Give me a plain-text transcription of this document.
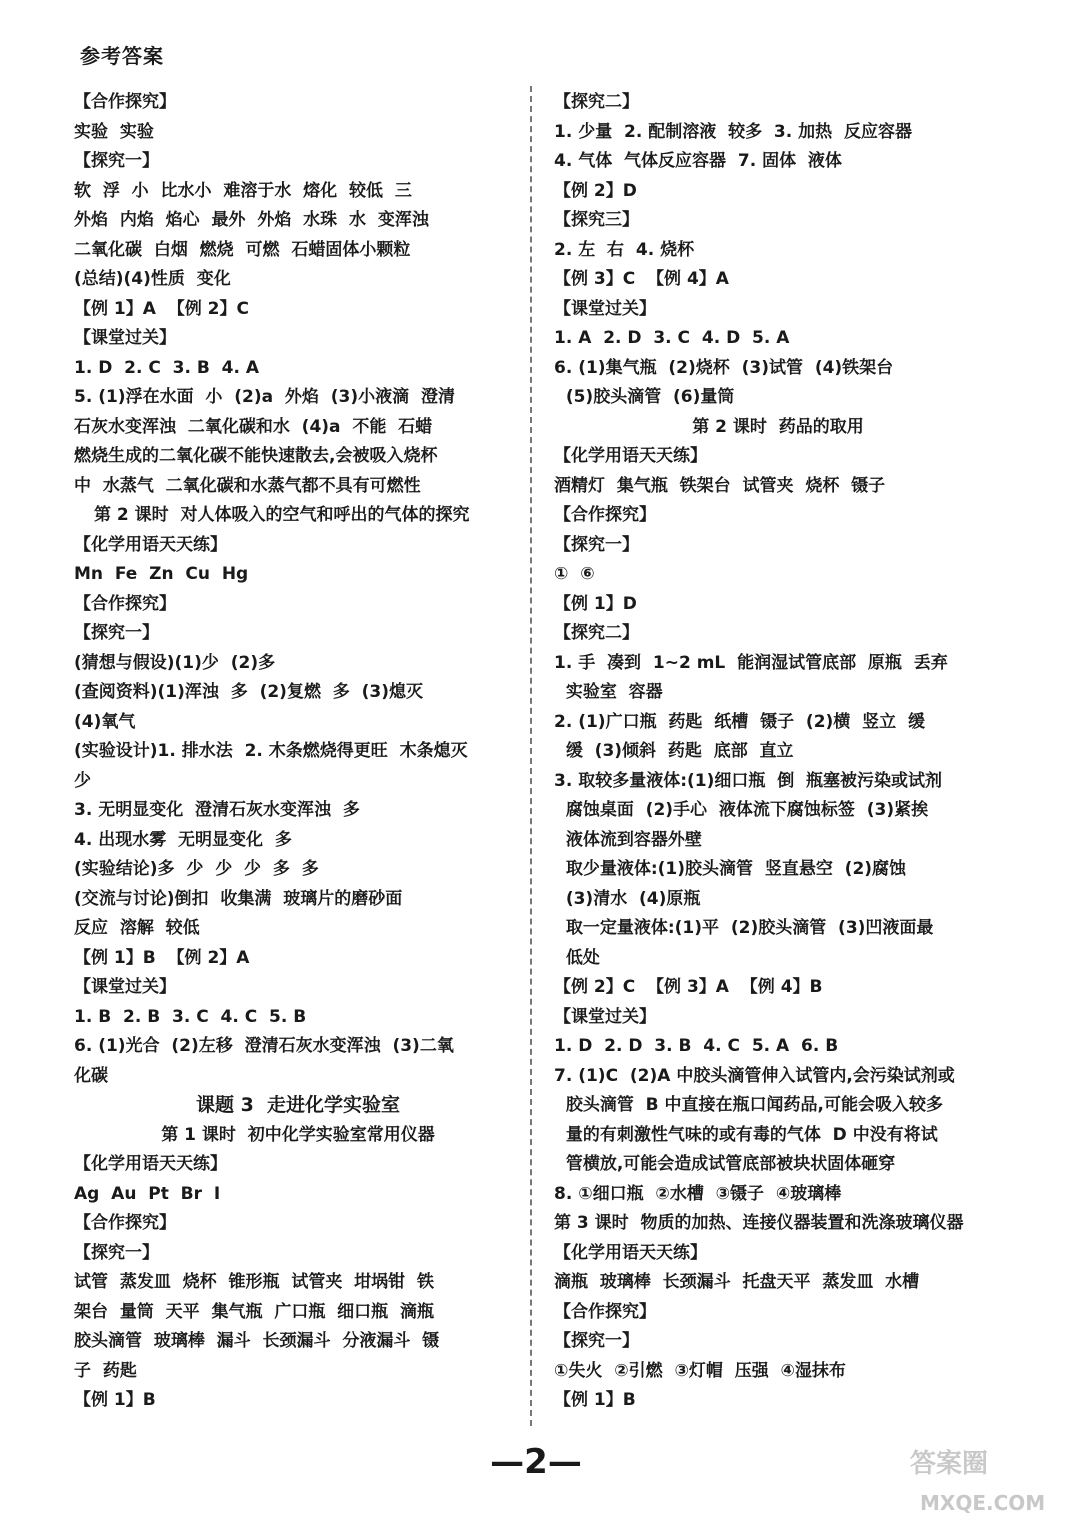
参考答案
【合作探究】
实验  实验
【探究一】
软  浮  小  比水小  难溶于水  熔化  较低  三
外焰  内焰  焰心  最外  外焰  水珠  水  变浑浊
二氧化碳  白烟  燃烧  可燃  石蜡固体小颗粒
(总结)(4)性质  变化
【例 1】A  【例 2】C
【课堂过关】
1. D  2. C  3. B  4. A
5. (1)浮在水面  小  (2)a  外焰  (3)小液滴  澄清
石灰水变浑浊  二氧化碳和水  (4)a  不能  石蜡
燃烧生成的二氧化碳不能快速散去,会被吸入烧杯
中  水蒸气  二氧化碳和水蒸气都不具有可燃性
第 2 课时  对人体吸入的空气和呼出的气体的探究
【化学用语天天练】
Mn  Fe  Zn  Cu  Hg
【合作探究】
【探究一】
(猜想与假设)(1)少  (2)多
(查阅资料)(1)浑浊  多  (2)复燃  多  (3)熄灭
(4)氧气
(实验设计)1. 排水法  2. 木条燃烧得更旺  木条熄灭
少
3. 无明显变化  澄清石灰水变浑浊  多
4. 出现水雾  无明显变化  多
(实验结论)多  少  少  少  多  多
(交流与讨论)倒扣  收集满  玻璃片的磨砂面
反应  溶解  较低
【例 1】B  【例 2】A
【课堂过关】
1. B  2. B  3. C  4. C  5. B
6. (1)光合  (2)左移  澄清石灰水变浑浊  (3)二氧
化碳
课题 3  走进化学实验室
第 1 课时  初中化学实验室常用仪器
【化学用语天天练】
Ag  Au  Pt  Br  I
【合作探究】
【探究一】
试管  蒸发皿  烧杯  锥形瓶  试管夹  坩埚钳  铁
架台  量筒  天平  集气瓶  广口瓶  细口瓶  滴瓶
胶头滴管  玻璃棒  漏斗  长颈漏斗  分液漏斗  镊
子  药匙
【例 1】B
【探究二】
1. 少量  2. 配制溶液  较多  3. 加热  反应容器
4. 气体  气体反应容器  7. 固体  液体
【例 2】D
【探究三】
2. 左  右  4. 烧杯
【例 3】C  【例 4】A
【课堂过关】
1. A  2. D  3. C  4. D  5. A
6. (1)集气瓶  (2)烧杯  (3)试管  (4)铁架台
(5)胶头滴管  (6)量筒
第 2 课时  药品的取用
【化学用语天天练】
酒精灯  集气瓶  铁架台  试管夹  烧杯  镊子
【合作探究】
【探究一】
①  ⑥
【例 1】D
【探究二】
1. 手  凑到  1~2 mL  能润湿试管底部  原瓶  丢弃
实验室  容器
2. (1)广口瓶  药匙  纸槽  镊子  (2)横  竖立  缓
缓  (3)倾斜  药匙  底部  直立
3. 取较多量液体:(1)细口瓶  倒  瓶塞被污染或试剂
腐蚀桌面  (2)手心  液体流下腐蚀标签  (3)紧挨
液体流到容器外壁
取少量液体:(1)胶头滴管  竖直悬空  (2)腐蚀
(3)清水  (4)原瓶
取一定量液体:(1)平  (2)胶头滴管  (3)凹液面最
低处
【例 2】C  【例 3】A  【例 4】B
【课堂过关】
1. D  2. D  3. B  4. C  5. A  6. B
7. (1)C  (2)A 中胶头滴管伸入试管内,会污染试剂或
胶头滴管  B 中直接在瓶口闻药品,可能会吸入较多
量的有刺激性气味的或有毒的气体  D 中没有将试
管横放,可能会造成试管底部被块状固体砸穿
8. ①细口瓶  ②水槽  ③镊子  ④玻璃棒
第 3 课时  物质的加热、连接仪器装置和洗涤玻璃仪器
【化学用语天天练】
滴瓶  玻璃棒  长颈漏斗  托盘天平  蒸发皿  水槽
【合作探究】
【探究一】
①失火  ②引燃  ③灯帽  压强  ④湿抹布
【例 1】B
—2—	答案圈
MXQE.COM
